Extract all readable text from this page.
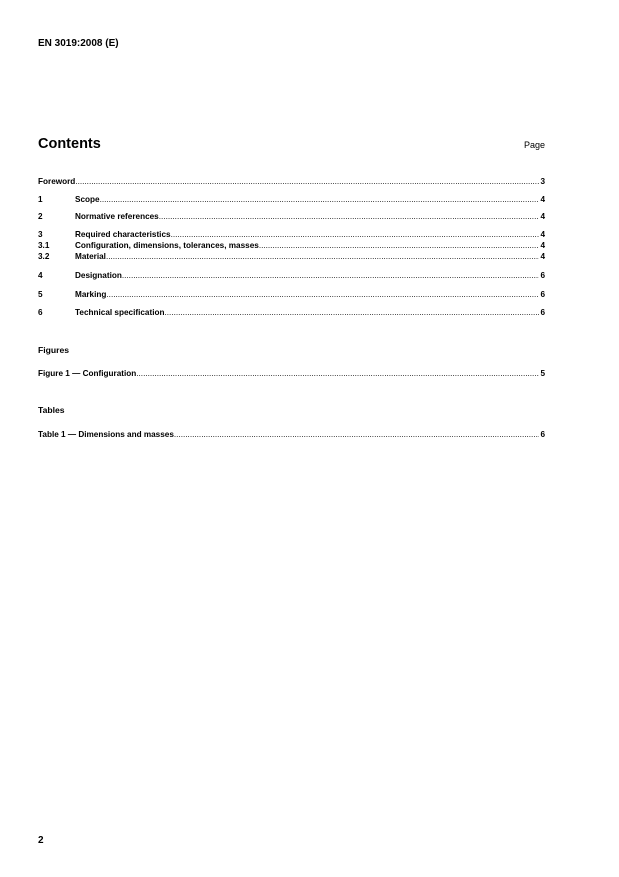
EN 3019:2008 (E)
Contents	Page
Foreword .....	3
1	Scope .....	4
2	Normative references .....	4
3	Required characteristics .....	4
3.1	Configuration, dimensions, tolerances, masses .....	4
3.2	Material .....	4
4	Designation .....	6
5	Marking .....	6
6	Technical specification .....	6
Figures
Figure 1 — Configuration .....	5
Tables
Table 1 — Dimensions and masses .....	6
2
